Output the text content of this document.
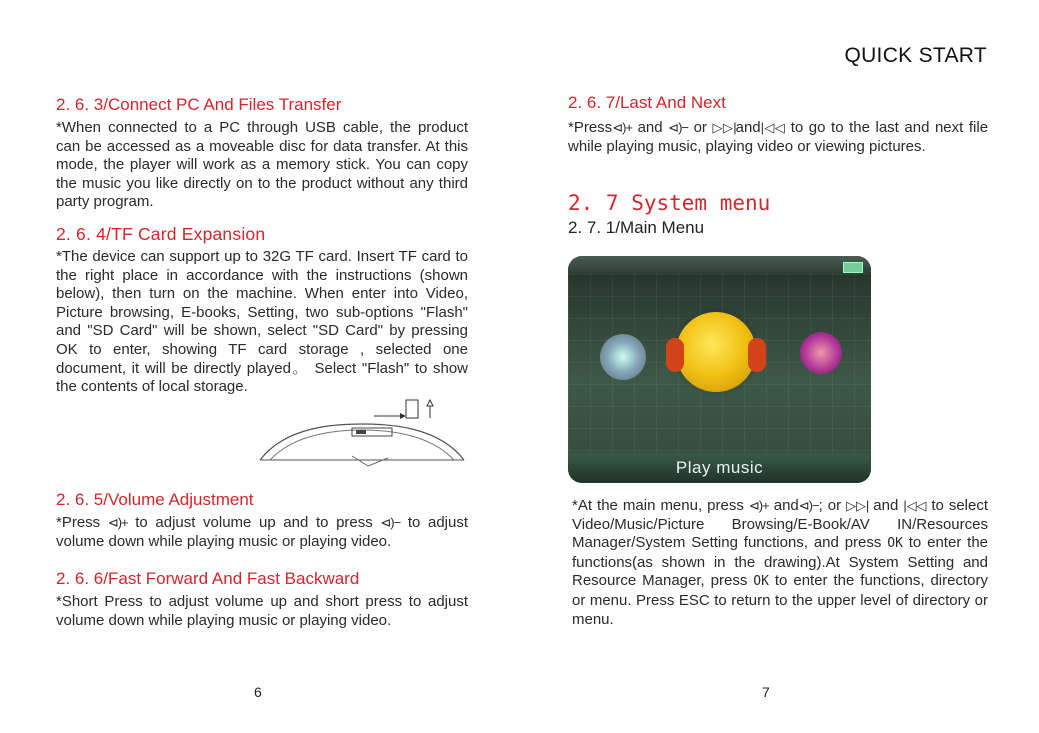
QUICK START
2. 6. 3/Connect PC And Files Transfer

*When connected to a PC through USB cable, the product can be accessed as a moveable disc for data transfer. At this mode, the player will work as a memory stick. You can copy the music you like directly on to the product without any third party program.

2. 6. 4/TF Card Expansion

*The device can support up to 32G TF card. Insert TF card to the right place in accordance with the instructions (shown below), then turn on the machine. When enter into Video, Picture browsing, E-books, Setting, two sub-options "Flash" and "SD Card" will be shown, select "SD Card" by pressing OK to enter, showing TF card storage , selected one document, it will be directly played。 Select "Flash" to show the contents of local storage.

2. 6. 5/Volume Adjustment

*Press ⊲)+ to adjust volume up and to press ⊲)− to adjust volume down while playing music or playing video.

2. 6. 6/Fast Forward And Fast Backward

*Short Press to adjust volume up and short press to adjust volume down while playing music or playing video.

6
2. 6. 7/Last And Next

*Press⊲)+ and ⊲)− or ▷▷|and|◁◁ to go to the last and next file while playing music, playing video or viewing pictures.

2. 7 System menu
2. 7. 1/Main Menu
Play music

*At the main menu, press ⊲)+ and⊲)−; or ▷▷| and |◁◁ to select Video/Music/Picture Browsing/E-Book/AV IN/Resources Manager/System Setting functions, and press OK to enter the functions(as shown in the drawing).At System Setting and Resource Manager, press OK to enter the functions, directory or menu. Press ESC to return to the upper level of directory or menu.

7
